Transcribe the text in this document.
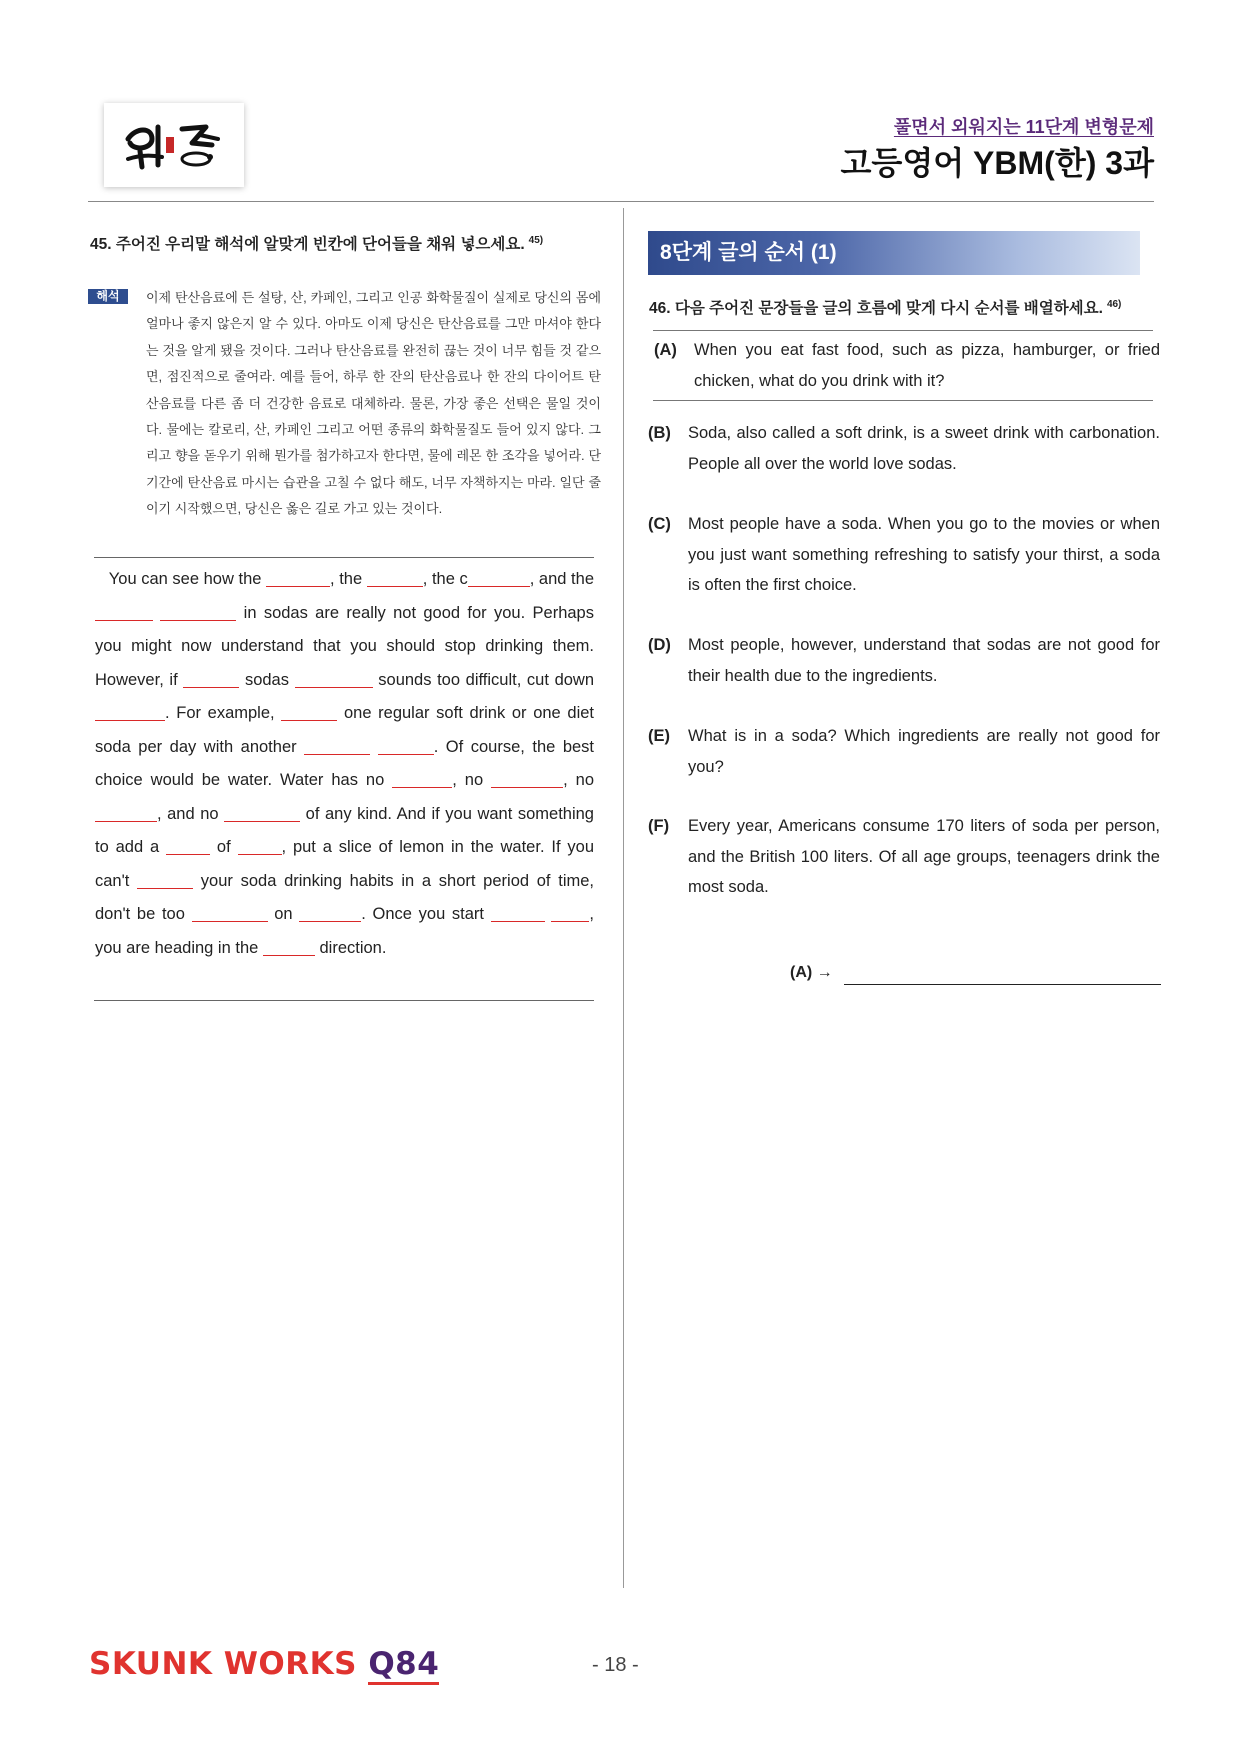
풀면서 외워지는 11단계 변형문제
고등영어 YBM(한) 3과
45. 주어진 우리말 해석에 알맞게 빈칸에 단어들을 채워 넣으세요. $^{45)}$
해석	이제 탄산음료에 든 설탕, 산, 카페인, 그리고 인공 화학물질이 실제로 당신의 몸에 얼마나 좋지 않은지 알 수 있다. 아마도 이제 당신은 탄산음료를 그만 마셔야 한다는 것을 알게 됐을 것이다. 그러나 탄산음료를 완전히 끊는 것이 너무 힘들 것 같으면, 점진적으로 줄여라. 예를 들어, 하루 한 잔의 탄산음료나 한 잔의 다이어트 탄산음료를 다른 좀 더 건강한 음료로 대체하라. 물론, 가장 좋은 선택은 물일 것이다. 물에는 칼로리, 산, 카페인 그리고 어떤 종류의 화학물질도 들어 있지 않다. 그리고 향을 돋우기 위해 뭔가를 첨가하고자 한다면, 물에 레몬 한 조각을 넣어라. 단기간에 탄산음료 마시는 습관을 고칠 수 없다 해도, 너무 자책하지는 마라. 일단 줄이기 시작했으면, 당신은 옳은 길로 가고 있는 것이다.
You can see how the	, the	, the c	, and the   in sodas are really not good for you. Perhaps you might now understand that you should stop drinking them. However, if	sodas	sounds too difficult, cut down . For example,	one regular soft drink or one diet soda per day with another	. Of course, the best choice would be water. Water has no	, no	, no , and no	of any kind. And if you want something to add a	of	, put a slice of lemon in the water. If you can't	your soda drinking habits in a short period of time, don't be too	on	. Once you start	, you are heading in the	direction.
8단계 글의 순서 (1)
46. 다음 주어진 문장들을 글의 흐름에 맞게 다시 순서를 배열하세요. $^{46)}$
(A) When you eat fast food, such as pizza, hamburger, or fried chicken, what do you drink with it?
(B) Soda, also called a soft drink, is a sweet drink with carbonation. People all over the world love sodas.
(C) Most people have a soda. When you go to the movies or when you just want something refreshing to satisfy your thirst, a soda is often the first choice.
(D) Most people, however, understand that sodas are not good for their health due to the ingredients.
(E) What is in a soda? Which ingredients are really not good for you?
(F) Every year, Americans consume 170 liters of soda per person, and the British 100 liters. Of all age groups, teenagers drink the most soda.
(A) →
SKUNK WORKS Q84	- 18 -
